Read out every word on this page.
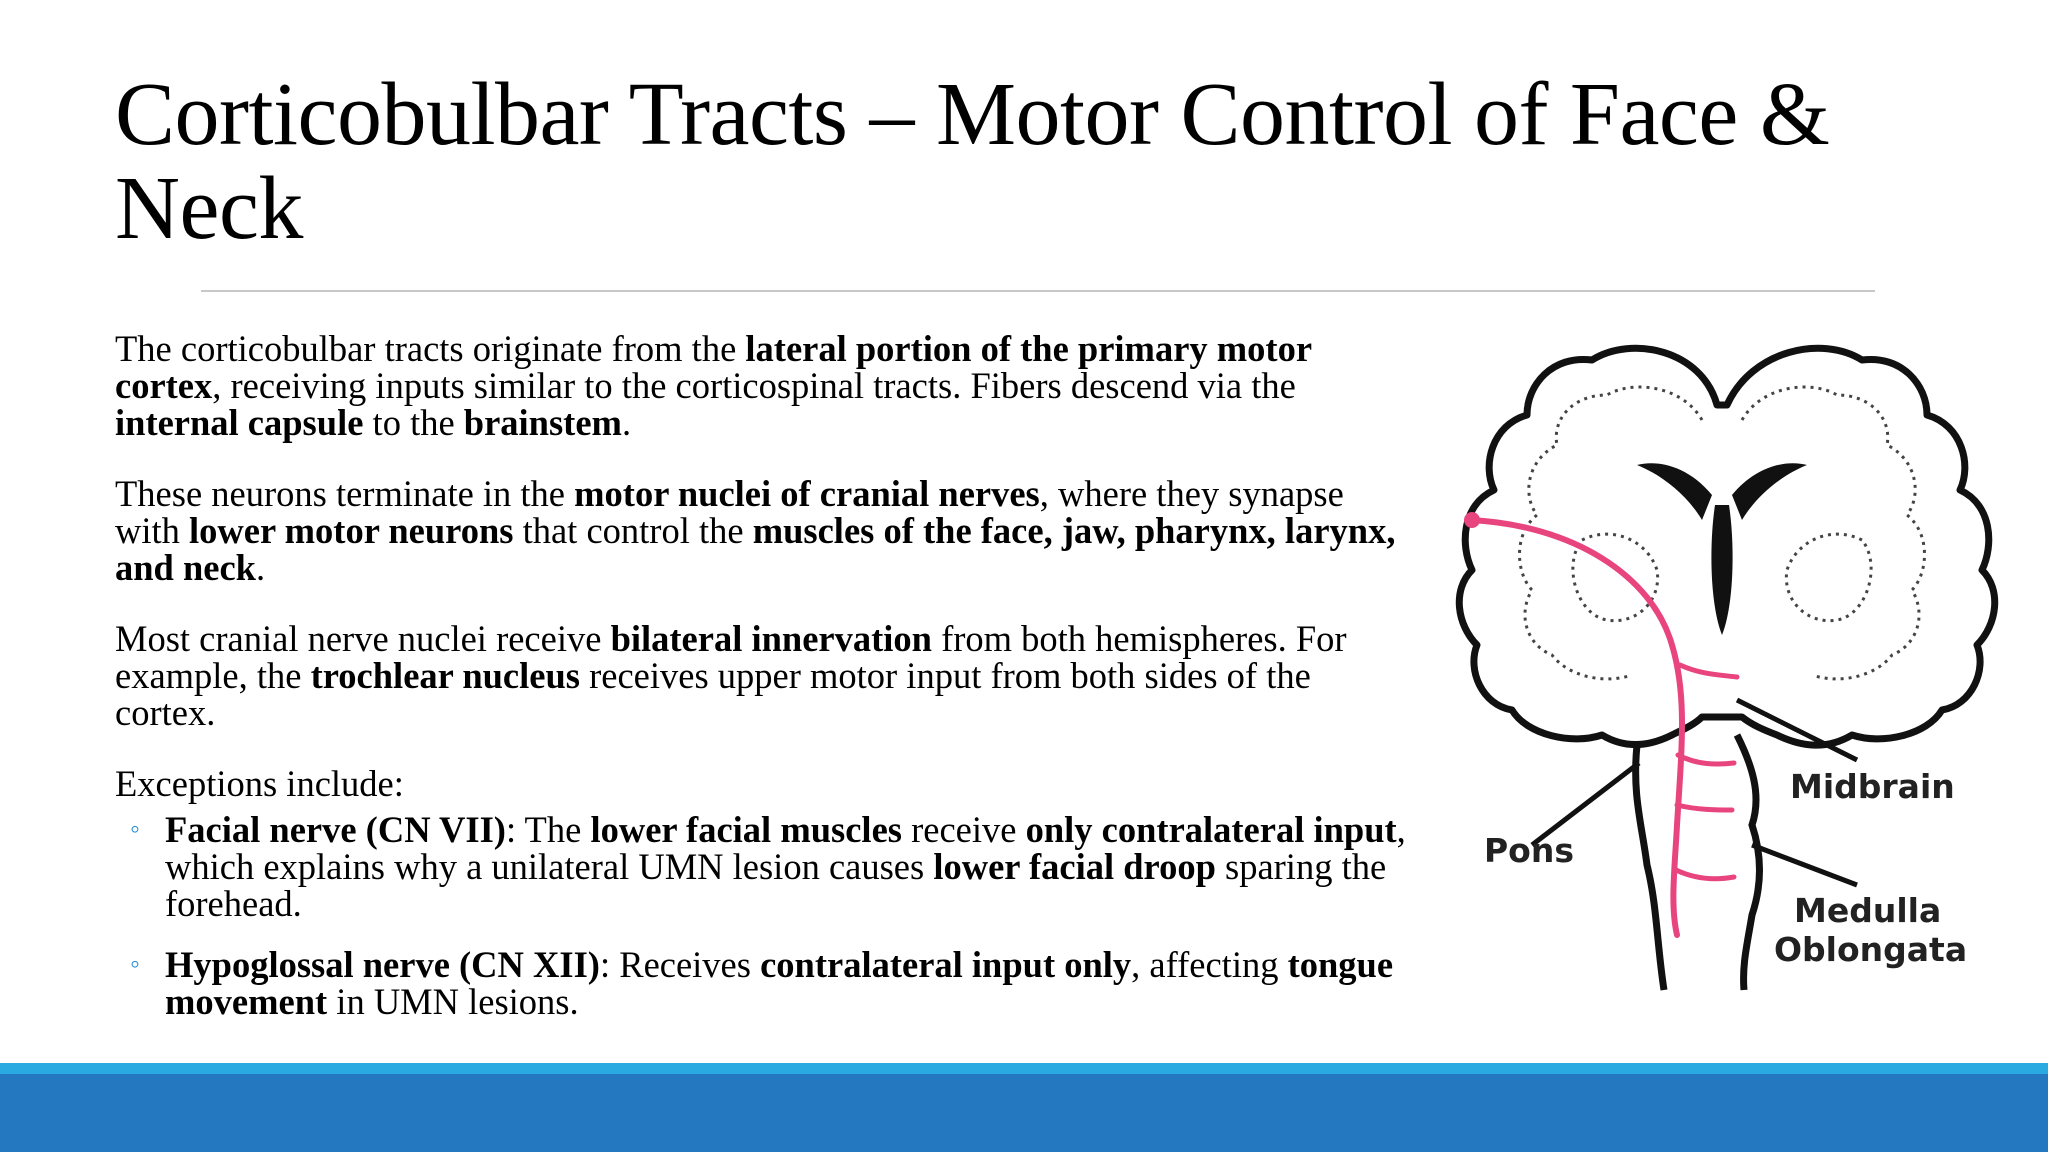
Corticobulbar Tracts – Motor Control of Face & Neck

The corticobulbar tracts originate from the lateral portion of the primary motor cortex, receiving inputs similar to the corticospinal tracts. Fibers descend via the internal capsule to the brainstem.

These neurons terminate in the motor nuclei of cranial nerves, where they synapse with lower motor neurons that control the muscles of the face, jaw, pharynx, larynx, and neck.

Most cranial nerve nuclei receive bilateral innervation from both hemispheres. For example, the trochlear nucleus receives upper motor input from both sides of the cortex.

Exceptions include:

◦ Facial nerve (CN VII): The lower facial muscles receive only contralateral input, which explains why a unilateral UMN lesion causes lower facial droop sparing the forehead.
◦ Hypoglossal nerve (CN XII): Receives contralateral input only, affecting tongue movement in UMN lesions.
Midbrain
Pons
Medulla
Oblongata
